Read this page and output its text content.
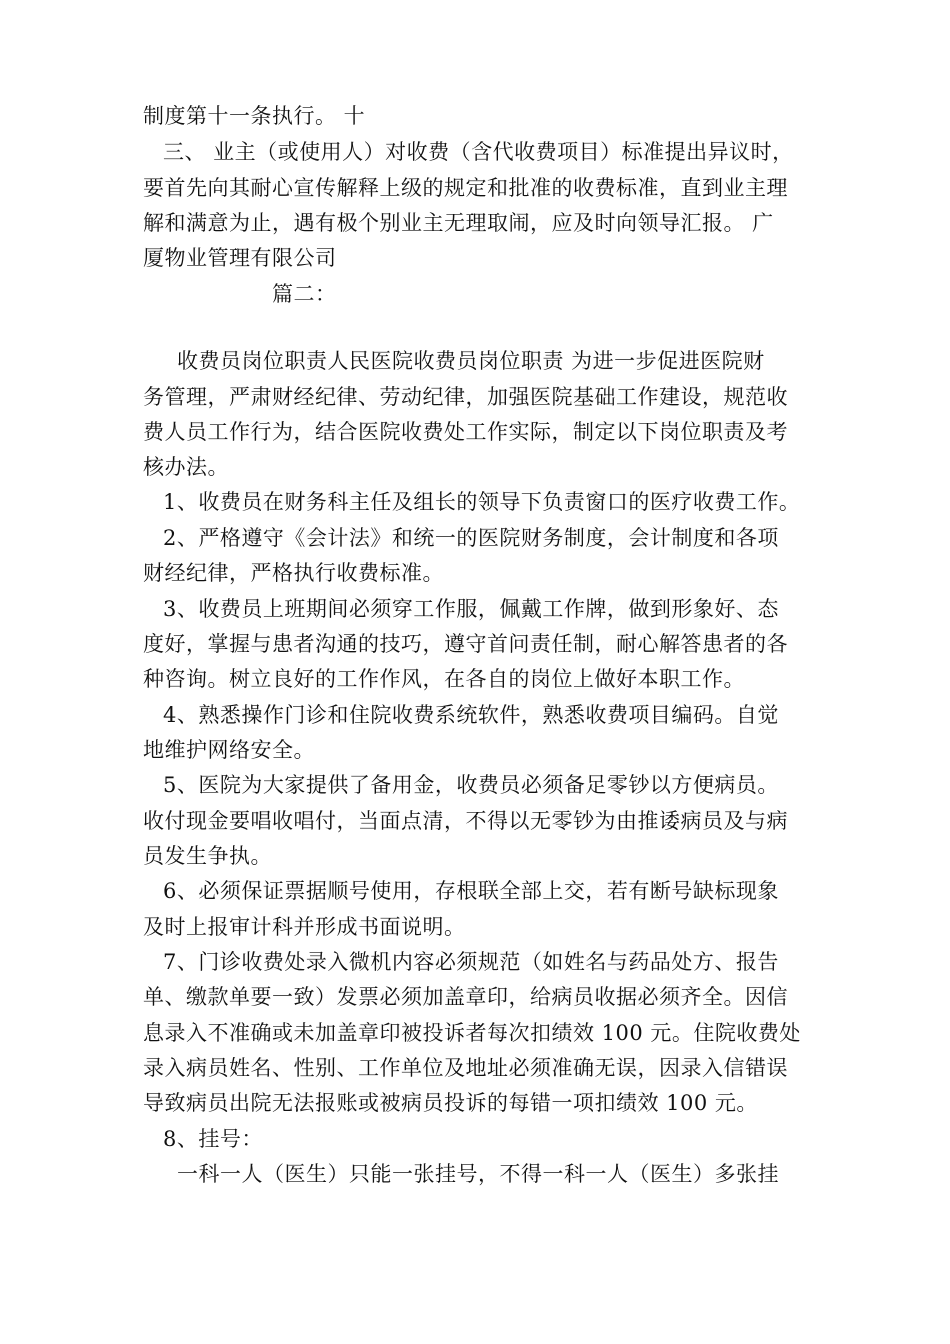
制度第十一条执行。 十

三、 业主（或使用人）对收费（含代收费项目）标准提出异议时，

要首先向其耐心宣传解释上级的规定和批准的收费标准，直到业主理

解和满意为止，遇有极个别业主无理取闹，应及时向领导汇报。 广

厦物业管理有限公司

篇二：

收费员岗位职责人民医院收费员岗位职责 为进一步促进医院财

务管理，严肃财经纪律、劳动纪律，加强医院基础工作建设，规范收

费人员工作行为，结合医院收费处工作实际，制定以下岗位职责及考

核办法。

1、收费员在财务科主任及组长的领导下负责窗口的医疗收费工作。

2、严格遵守《会计法》和统一的医院财务制度，会计制度和各项

财经纪律，严格执行收费标准。

3、收费员上班期间必须穿工作服，佩戴工作牌，做到形象好、态

度好，掌握与患者沟通的技巧，遵守首问责任制，耐心解答患者的各

种咨询。树立良好的工作作风，在各自的岗位上做好本职工作。

4、熟悉操作门诊和住院收费系统软件，熟悉收费项目编码。自觉

地维护网络安全。

5、医院为大家提供了备用金，收费员必须备足零钞以方便病员。

收付现金要唱收唱付，当面点清，不得以无零钞为由推诿病员及与病

员发生争执。

6、必须保证票据顺号使用，存根联全部上交，若有断号缺标现象

及时上报审计科并形成书面说明。

7、门诊收费处录入微机内容必须规范（如姓名与药品处方、报告

单、缴款单要一致）发票必须加盖章印，给病员收据必须齐全。因信

息录入不准确或未加盖章印被投诉者每次扣绩效 100 元。住院收费处

录入病员姓名、性别、工作单位及地址必须准确无误，因录入信错误

导致病员出院无法报账或被病员投诉的每错一项扣绩效 100 元。

8、挂号：

一科一人（医生）只能一张挂号，不得一科一人（医生）多张挂
